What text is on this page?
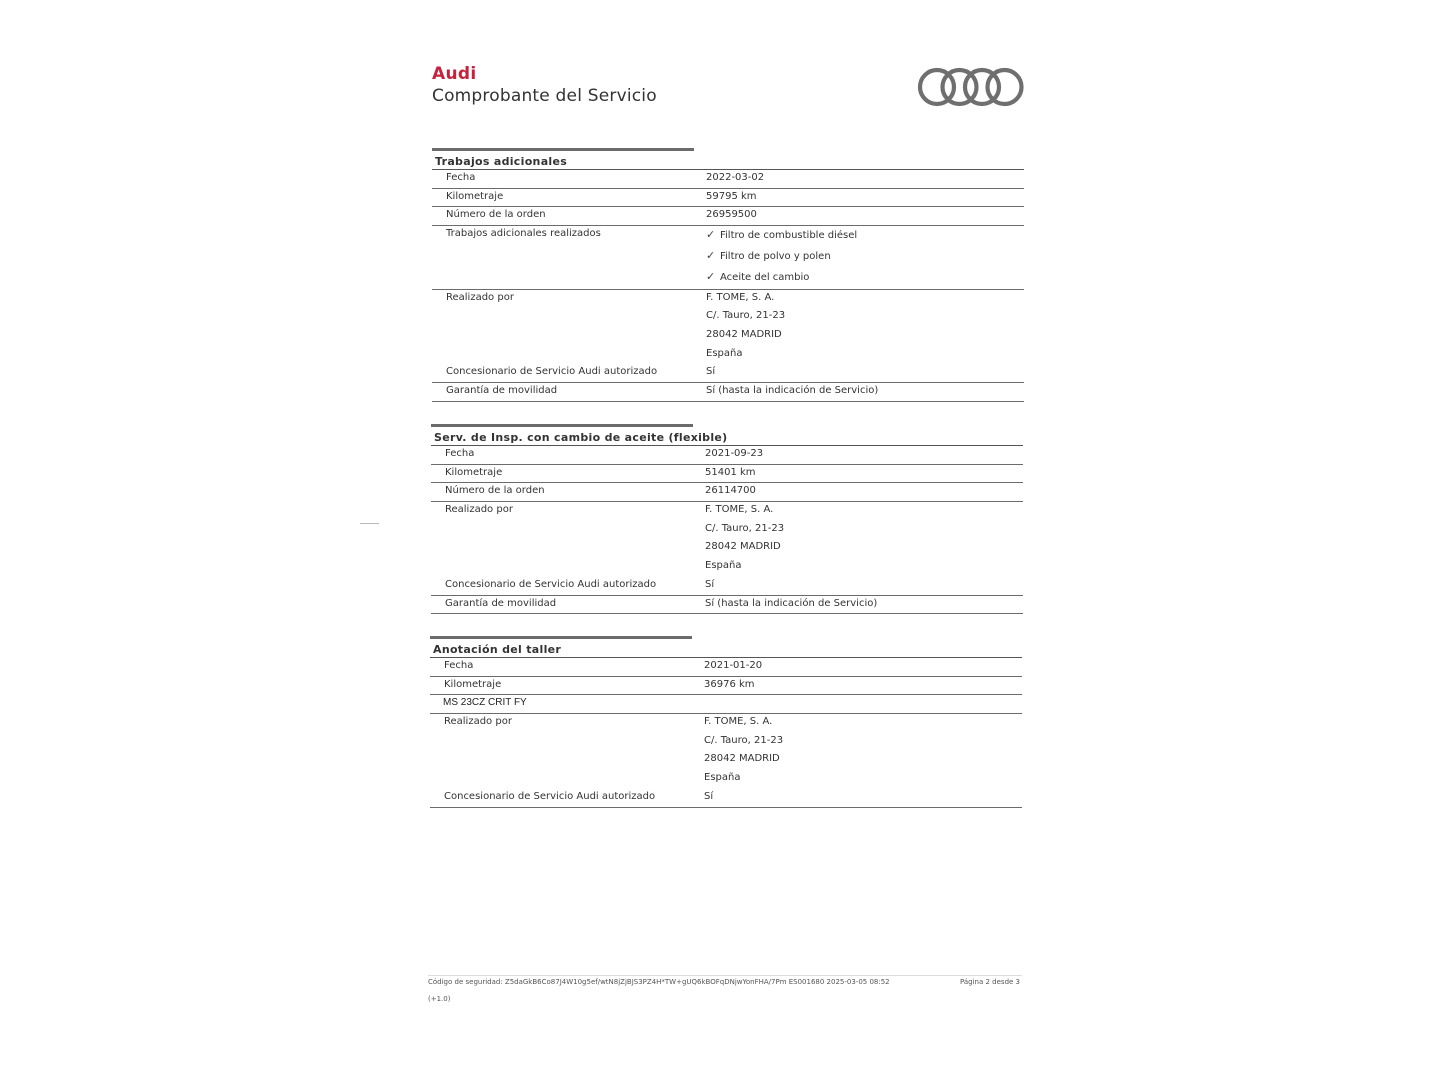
Audi
Comprobante del Servicio
Trabajos adicionales
Fecha	2022-03-02
Kilometraje	59795 km
Número de la orden	26959500
Trabajos adicionales realizados	✓ Filtro de combustible diésel
✓ Filtro de polvo y polen
✓ Aceite del cambio
Realizado por	F. TOME, S. A.
C/. Tauro, 21-23
28042 MADRID
España
Concesionario de Servicio Audi autorizado	Sí
Garantía de movilidad	Sí (hasta la indicación de Servicio)
Serv. de Insp. con cambio de aceite (flexible)
Fecha	2021-09-23
Kilometraje	51401 km
Número de la orden	26114700
Realizado por	F. TOME, S. A.
C/. Tauro, 21-23
28042 MADRID
España
Concesionario de Servicio Audi autorizado	Sí
Garantía de movilidad	Sí (hasta la indicación de Servicio)
Anotación del taller
Fecha	2021-01-20
Kilometraje	36976 km
MS 23CZ CRIT FY
Realizado por	F. TOME, S. A.
C/. Tauro, 21-23
28042 MADRID
España
Concesionario de Servicio Audi autorizado	Sí
Código de seguridad: Z5daGkB6Co87J4W10g5ef/wtN8jZjBJS3PZ4H*TW+gUQ6kBOFqDNjwYonFHA/7Pm ES001680 2025-03-05 08:52	Página 2 desde 3
(+1.0)
